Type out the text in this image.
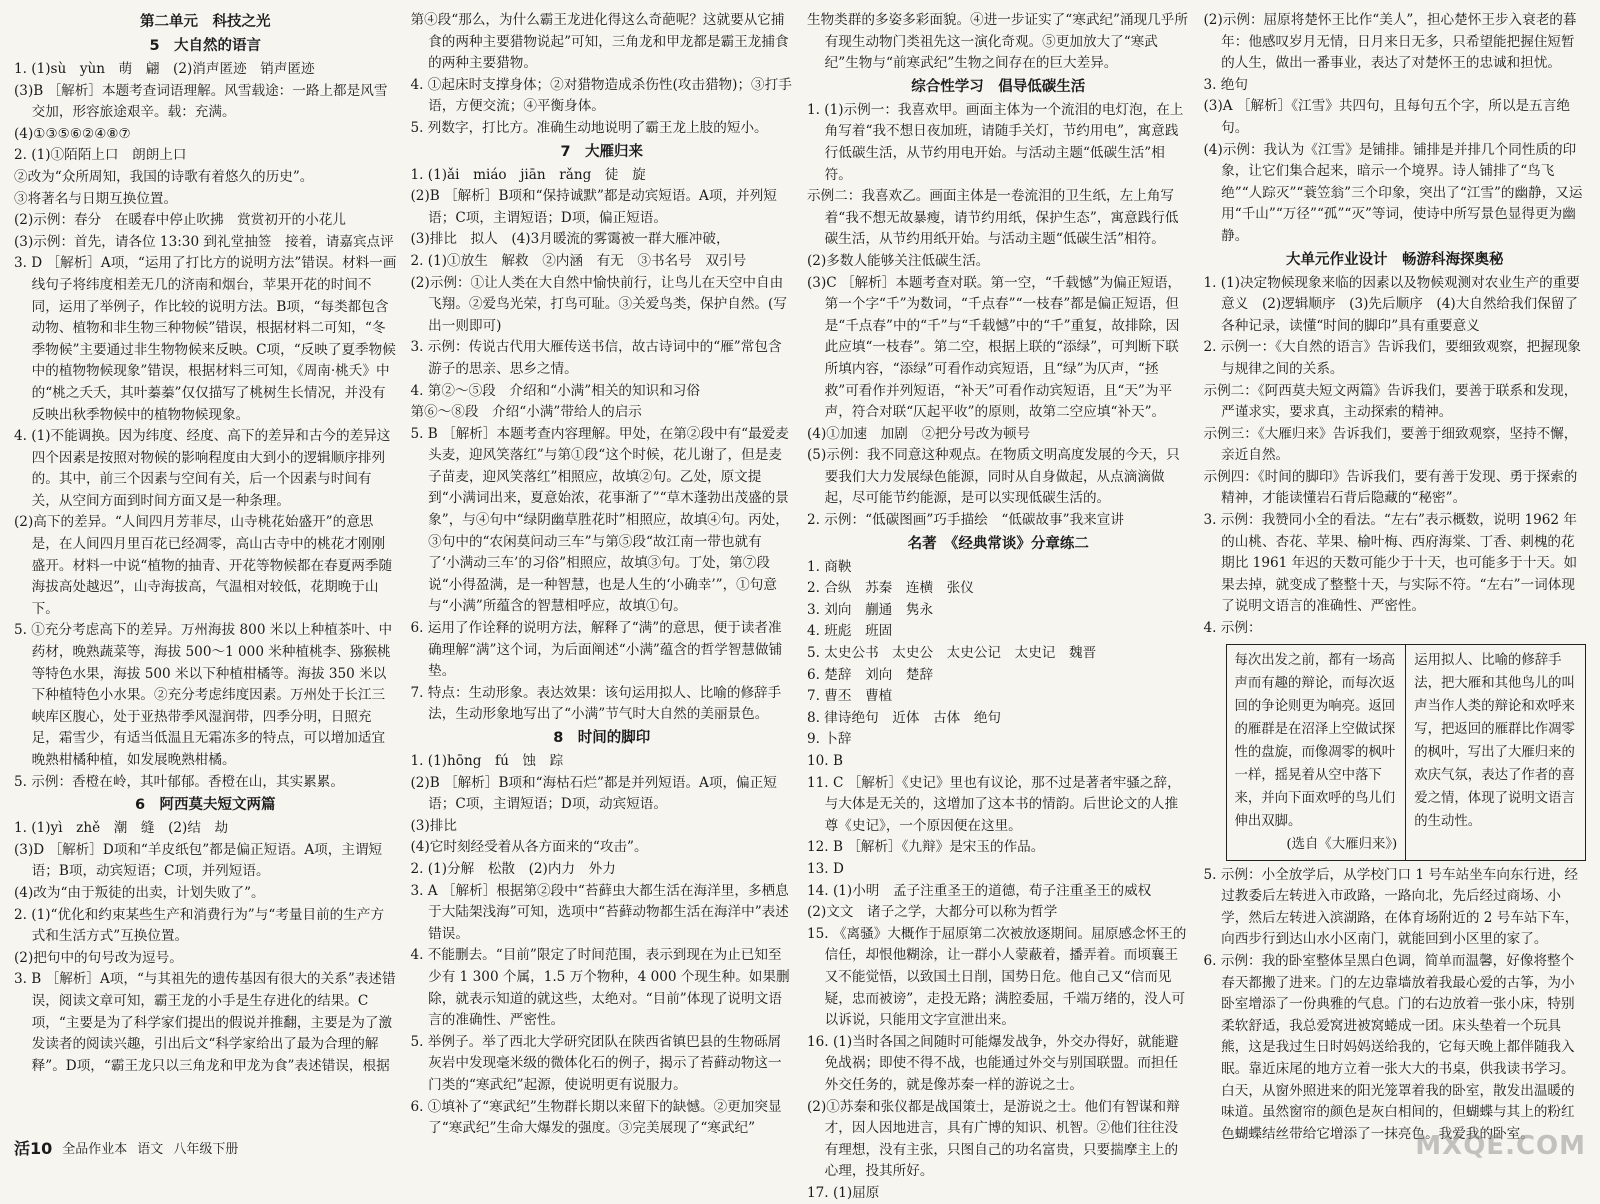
第二单元　科技之光
5　大自然的语言

1. (1)sù　yùn　萌　翩　(2)消声匿迹　销声匿迹

(3)B ［解析］本题考查词语理解。风雪载途：一路上都是风雪交加，形容旅途艰辛。载：充满。

(4)①③⑤⑥②④⑧⑦

2. (1)①陌陌上口　朗朗上口

②改为“众所周知，我国的诗歌有着悠久的历史”。

③将著名与日期互换位置。

(2)示例：春分　在暖春中停止吹拂　赏赏初开的小花儿

(3)示例：首先，请各位 13:30 到礼堂抽签　接着，请嘉宾点评

3. D ［解析］A项，“运用了打比方的说明方法”错误。材料一画线句子将纬度相差无几的济南和烟台，苹果开花的时间不同，运用了举例子，作比较的说明方法。B项，“每类都包含动物、植物和非生物三种物候”错误，根据材料二可知，“冬季物候”主要通过非生物物候来反映。C项，“反映了夏季物候中的植物物候现象”错误，根据材料三可知，《周南·桃夭》中的“桃之夭夭，其叶蓁蓁”仅仅描写了桃树生长情况，并没有反映出秋季物候中的植物物候现象。

4. (1)不能调换。因为纬度、经度、高下的差异和古今的差异这四个因素是按照对物候的影响程度由大到小的逻辑顺序排列的。其中，前三个因素与空间有关，后一个因素与时间有关，从空间方面到时间方面又是一种条理。

(2)高下的差异。“人间四月芳菲尽，山寺桃花始盛开”的意思是，在人间四月里百花已经凋零，高山古寺中的桃花才刚刚盛开。材料一中说“植物的抽青、开花等物候都在春夏两季随海拔高处越迟”，山寺海拔高，气温相对较低，花期晚于山下。

5. ①充分考虑高下的差异。万州海拔 800 米以上种植茶叶、中药材，晚熟蔬菜等，海拔 500～1 000 米种植桃李、猕猴桃等特色水果，海拔 500 米以下种植柑橘等。海拔 350 米以下种植特色小水果。②充分考虑纬度因素。万州处于长江三峡库区腹心，处于亚热带季风湿润带，四季分明，日照充足，霜雪少，有适当低温且无霜冻多的特点，可以增加适宜晚熟柑橘种植，如发展晚熟柑橘。

5. 示例：香橙在岭，其叶郁郁。香橙在山，其实累累。

6　阿西莫夫短文两篇

1. (1)yì　zhě　潮　缝　(2)结　劫

(3)D ［解析］D项和“羊皮纸包”都是偏正短语。A项，主谓短语；B项，动宾短语；C项，并列短语。

(4)改为“由于叛徒的出卖，计划失败了”。

2. (1)“优化和约束某些生产和消费行为”与“考量目前的生产方式和生活方式”互换位置。

(2)把句中的句号改为逗号。

3. B ［解析］A项，“与其祖先的遗传基因有很大的关系”表述错误，阅读文章可知，霸王龙的小手是生存进化的结果。C项，“主要是为了科学家们提出的假说并推翻，主要是为了激发读者的阅读兴趣，引出后文“科学家给出了最为合理的解释”。D项，“霸王龙只以三角龙和甲龙为食”表述错误，根据

第④段“那么，为什么霸王龙进化得这么奇葩呢？这就要从它捕食的两种主要猎物说起”可知，三角龙和甲龙都是霸王龙捕食的两种主要猎物。

4. ①起床时支撑身体；②对猎物造成杀伤性(攻击猎物)；③打手语，方便交流；④平衡身体。

5. 列数字，打比方。准确生动地说明了霸王龙上肢的短小。

7　大雁归来

1. (1)ǎi　miáo　jiān　rǎng　徒　旋

(2)B ［解析］B项和“保持诚默”都是动宾短语。A项，并列短语；C项，主谓短语；D项，偏正短语。

(3)排比　拟人　(4)3月暖流的雾霭被一群大雁冲破，

2. (1)①放生　解救　②内涵　有无　③书名号　双引号

(2)示例：①让人类在大自然中愉快前行，让鸟儿在天空中自由飞翔。②爱鸟光荣，打鸟可耻。③关爱鸟类，保护自然。(写出一则即可)

3. 示例：传说古代用大雁传送书信，故古诗词中的“雁”常包含游子的思亲、思乡之情。

4. 第②～⑤段　介绍和“小满”相关的知识和习俗

第⑥～⑧段　介绍“小满”带给人的启示

5. B ［解析］本题考查内容理解。甲处，在第②段中有“最爱麦头麦，迎风笑落红”与第①段“这个时候，花儿谢了，但是麦子苗麦，迎风笑落红”相照应，故填②句。乙处，原文提到“小满词出来，夏意始浓，花事渐了”“草木蓬勃出茂盛的景象”，与④句中“绿阴幽草胜花时”相照应，故填④句。丙处，③句中的“农闲莫问动三车”与第⑤段“故江南一带也就有了‘小满动三车’的习俗”相照应，故填③句。丁处，第⑦段说“小得盈满，是一种智慧，也是人生的‘小确幸’”，①句意与“小满”所蕴含的智慧相呼应，故填①句。

6. 运用了作诠释的说明方法，解释了“满”的意思，便于读者准确理解“满”这个词，为后面阐述“小满”蕴含的哲学智慧做铺垫。

7. 特点：生动形象。表达效果：该句运用拟人、比喻的修辞手法，生动形象地写出了“小满”节气时大自然的美丽景色。

8　时间的脚印

1. (1)hōng　fú　蚀　踪

(2)B ［解析］B项和“海枯石烂”都是并列短语。A项，偏正短语；C项，主谓短语；D项，动宾短语。

(3)排比

(4)它时刻经受着从各方面来的“攻击”。

2. (1)分解　松散　(2)内力　外力

3. A ［解析］根据第②段中“苔藓虫大都生活在海洋里，多栖息于大陆架浅海”可知，选项中“苔藓动物都生活在海洋中”表述错误。

4. 不能删去。“目前”限定了时间范围，表示到现在为止已知至少有 1 300 个属，1.5 万个物种，4 000 个现生种。如果删除，就表示知道的就这些，太绝对。“目前”体现了说明文语言的准确性、严密性。

5. 举例子。举了西北大学研究团队在陕西省镇巴县的生物砾屑灰岩中发现毫米级的微体化石的例子，揭示了苔藓动物这一门类的“寒武纪”起源，使说明更有说服力。

6. ①填补了“寒武纪”生物群长期以来留下的缺憾。②更加突显了“寒武纪”生命大爆发的强度。③完美展现了“寒武纪”

生物类群的多姿多彩面貌。④进一步证实了“寒武纪”涌现几乎所有现生动物门类祖先这一演化奇观。⑤更加放大了“寒武纪”生物与“前寒武纪”生物之间存在的巨大差异。

综合性学习　倡导低碳生活

1. (1)示例一：我喜欢甲。画面主体为一个流泪的电灯泡，在上角写着“我不想日夜加班，请随手关灯，节约用电”，寓意践行低碳生活，从节约用电开始。与活动主题“低碳生活”相符。

示例二：我喜欢乙。画面主体是一卷流泪的卫生纸，左上角写着“我不想无故暴瘦，请节约用纸，保护生态”，寓意践行低碳生活，从节约用纸开始。与活动主题“低碳生活”相符。

(2)多数人能够关注低碳生活。

(3)C ［解析］本题考查对联。第一空，“千载憾”为偏正短语，第一个字“千”为数词，“千点春”“一枝春”都是偏正短语，但是“千点春”中的“千”与“千载憾”中的“千”重复，故排除，因此应填“一枝春”。第二空，根据上联的“添绿”，可判断下联所填内容，“添绿”可看作动宾短语，且“绿”为仄声，“拯救”可看作并列短语，“补天”可看作动宾短语，且“天”为平声，符合对联“仄起平收”的原则，故第二空应填“补天”。

(4)①加速　加剧　②把分号改为顿号

(5)示例：我不同意这种观点。在物质文明高度发展的今天，只要我们大力发展绿色能源，同时从自身做起，从点滴滴做起，尽可能节约能源，是可以实现低碳生活的。

2. 示例：“低碳图画”巧手描绘　“低碳故事”我来宣讲

名著　《经典常谈》分章练二

1. 商鞅

2. 合纵　苏秦　连横　张仪

3. 刘向　蒯通　隽永

4. 班彪　班固

5. 太史公书　太史公　太史公记　太史记　魏晋

6. 楚辞　刘向　楚辞

7. 曹丕　曹植

8. 律诗绝句　近体　古体　绝句

9. 卜辞

10. B

11. C ［解析］《史记》里也有议论，那不过是著者牢骚之辞，与大体是无关的，这增加了这本书的情韵。后世论文的人推尊《史记》，一个原因便在这里。

12. B ［解析］《九辩》是宋玉的作品。

13. D

14. (1)小明　孟子注重圣王的道德，荀子注重圣王的威权

(2)文文　诸子之学，大都分可以称为哲学

15. 《离骚》大概作于屈原第二次被放逐期间。屈原感念怀王的信任，却恨他糊涂，让一群小人蒙蔽着，播弄着。而顷襄王又不能觉悟，以致国土日削，国势日危。他自己又“信而见疑，忠而被谤”，走投无路；满腔委屈，千端万绪的，没人可以诉说，只能用文字宣泄出来。

16. (1)当时各国之间随时可能爆发战争，外交办得好，就能避免战祸；即使不得不战，也能通过外交与别国联盟。而担任外交任务的，就是像苏秦一样的游说之士。

(2)①苏秦和张仪都是战国策士，是游说之士。他们有智谋和辩才，因人因地进言，具有广博的知识、机智。②他们往往没有理想，没有主张，只图自己的功名富贵，只要揣摩主上的心理，投其所好。

17. (1)屈原

(2)示例：屈原将楚怀王比作“美人”，担心楚怀王步入衰老的暮年：他感叹岁月无情，日月来日无多，只希望能把握住短暂的人生，做出一番事业，表达了对楚怀王的忠诚和担忧。

3. 绝句

(3)A ［解析］《江雪》共四句，且每句五个字，所以是五言绝句。

(4)示例：我认为《江雪》是铺排。铺排是并排几个同性质的印象，让它们集合起来，暗示一个境界。诗人铺排了“鸟飞绝”“人踪灭”“蓑笠翁”三个印象，突出了“江雪”的幽静，又运用“千山”“万径”“孤”“灭”等词，使诗中所写景色显得更为幽静。

大单元作业设计　畅游科海探奥秘

1. (1)决定物候现象来临的因素以及物候观测对农业生产的重要意义　(2)逻辑顺序　(3)先后顺序　(4)大自然给我们保留了各种记录，读懂“时间的脚印”具有重要意义

2. 示例一：《大自然的语言》告诉我们，要细致观察，把握现象与规律之间的关系。

示例二：《阿西莫夫短文两篇》告诉我们，要善于联系和发现，严谨求实，要求真，主动探索的精神。

示例三：《大雁归来》告诉我们，要善于细致观察，坚持不懈，亲近自然。

示例四：《时间的脚印》告诉我们，要有善于发现、勇于探索的精神，才能读懂岩石背后隐藏的“秘密”。

3. 示例：我赞同小全的看法。“左右”表示概数，说明 1962 年的山桃、杏花、苹果、榆叶梅、西府海棠、丁香、刺槐的花期比 1961 年迟的天数可能少于十天，也可能多于十天。如果去掉，就变成了整整十天，与实际不符。“左右”一词体现了说明文语言的准确性、严密性。

4. 示例：

每次出发之前，都有一场高声而有趣的辩论，而每次返回的争论则更为响亮。返回的雁群是在沼泽上空做试探性的盘旋，而像凋零的枫叶一样，摇晃着从空中落下来，并向下面欢呼的鸟儿们伸出双脚。
(选自《大雁归来》)
运用拟人、比喻的修辞手法，把大雁和其他鸟儿的叫声当作人类的辩论和欢呼来写，把返回的雁群比作凋零的枫叶，写出了大雁归来的欢庆气氛，表达了作者的喜爱之情，体现了说明文语言的生动性。

5. 示例：小全放学后，从学校门口 1 号车站坐车向东行进，经过教委后左转进入市政路，一路向北，先后经过商场、小学，然后左转进入滨湖路，在体育场附近的 2 号车站下车，向西步行到达山水小区南门，就能回到小区里的家了。

6. 示例：我的卧室整体呈黑白色调，简单而温馨，好像将整个春天都搬了进来。门的左边靠墙放着我最心爱的古筝，为小卧室增添了一份典雅的气息。门的右边放着一张小床，特别柔软舒适，我总爱窝进被窝蜷成一团。床头垫着一个玩具熊，这是我过生日时妈妈送给我的，它每天晚上都伴随我入眠。靠近床尾的地方立着一张大大的书桌，供我读书学习。白天，从窗外照进来的阳光笼罩着我的卧室，散发出温暖的味道。虽然窗帘的颜色是灰白相间的，但蝴蝶与其上的粉红色蝴蝶结丝带给它增添了一抹亮色。我爱我的卧室。

活10 全品作业本 语文 八年级下册	MXQE.COM
